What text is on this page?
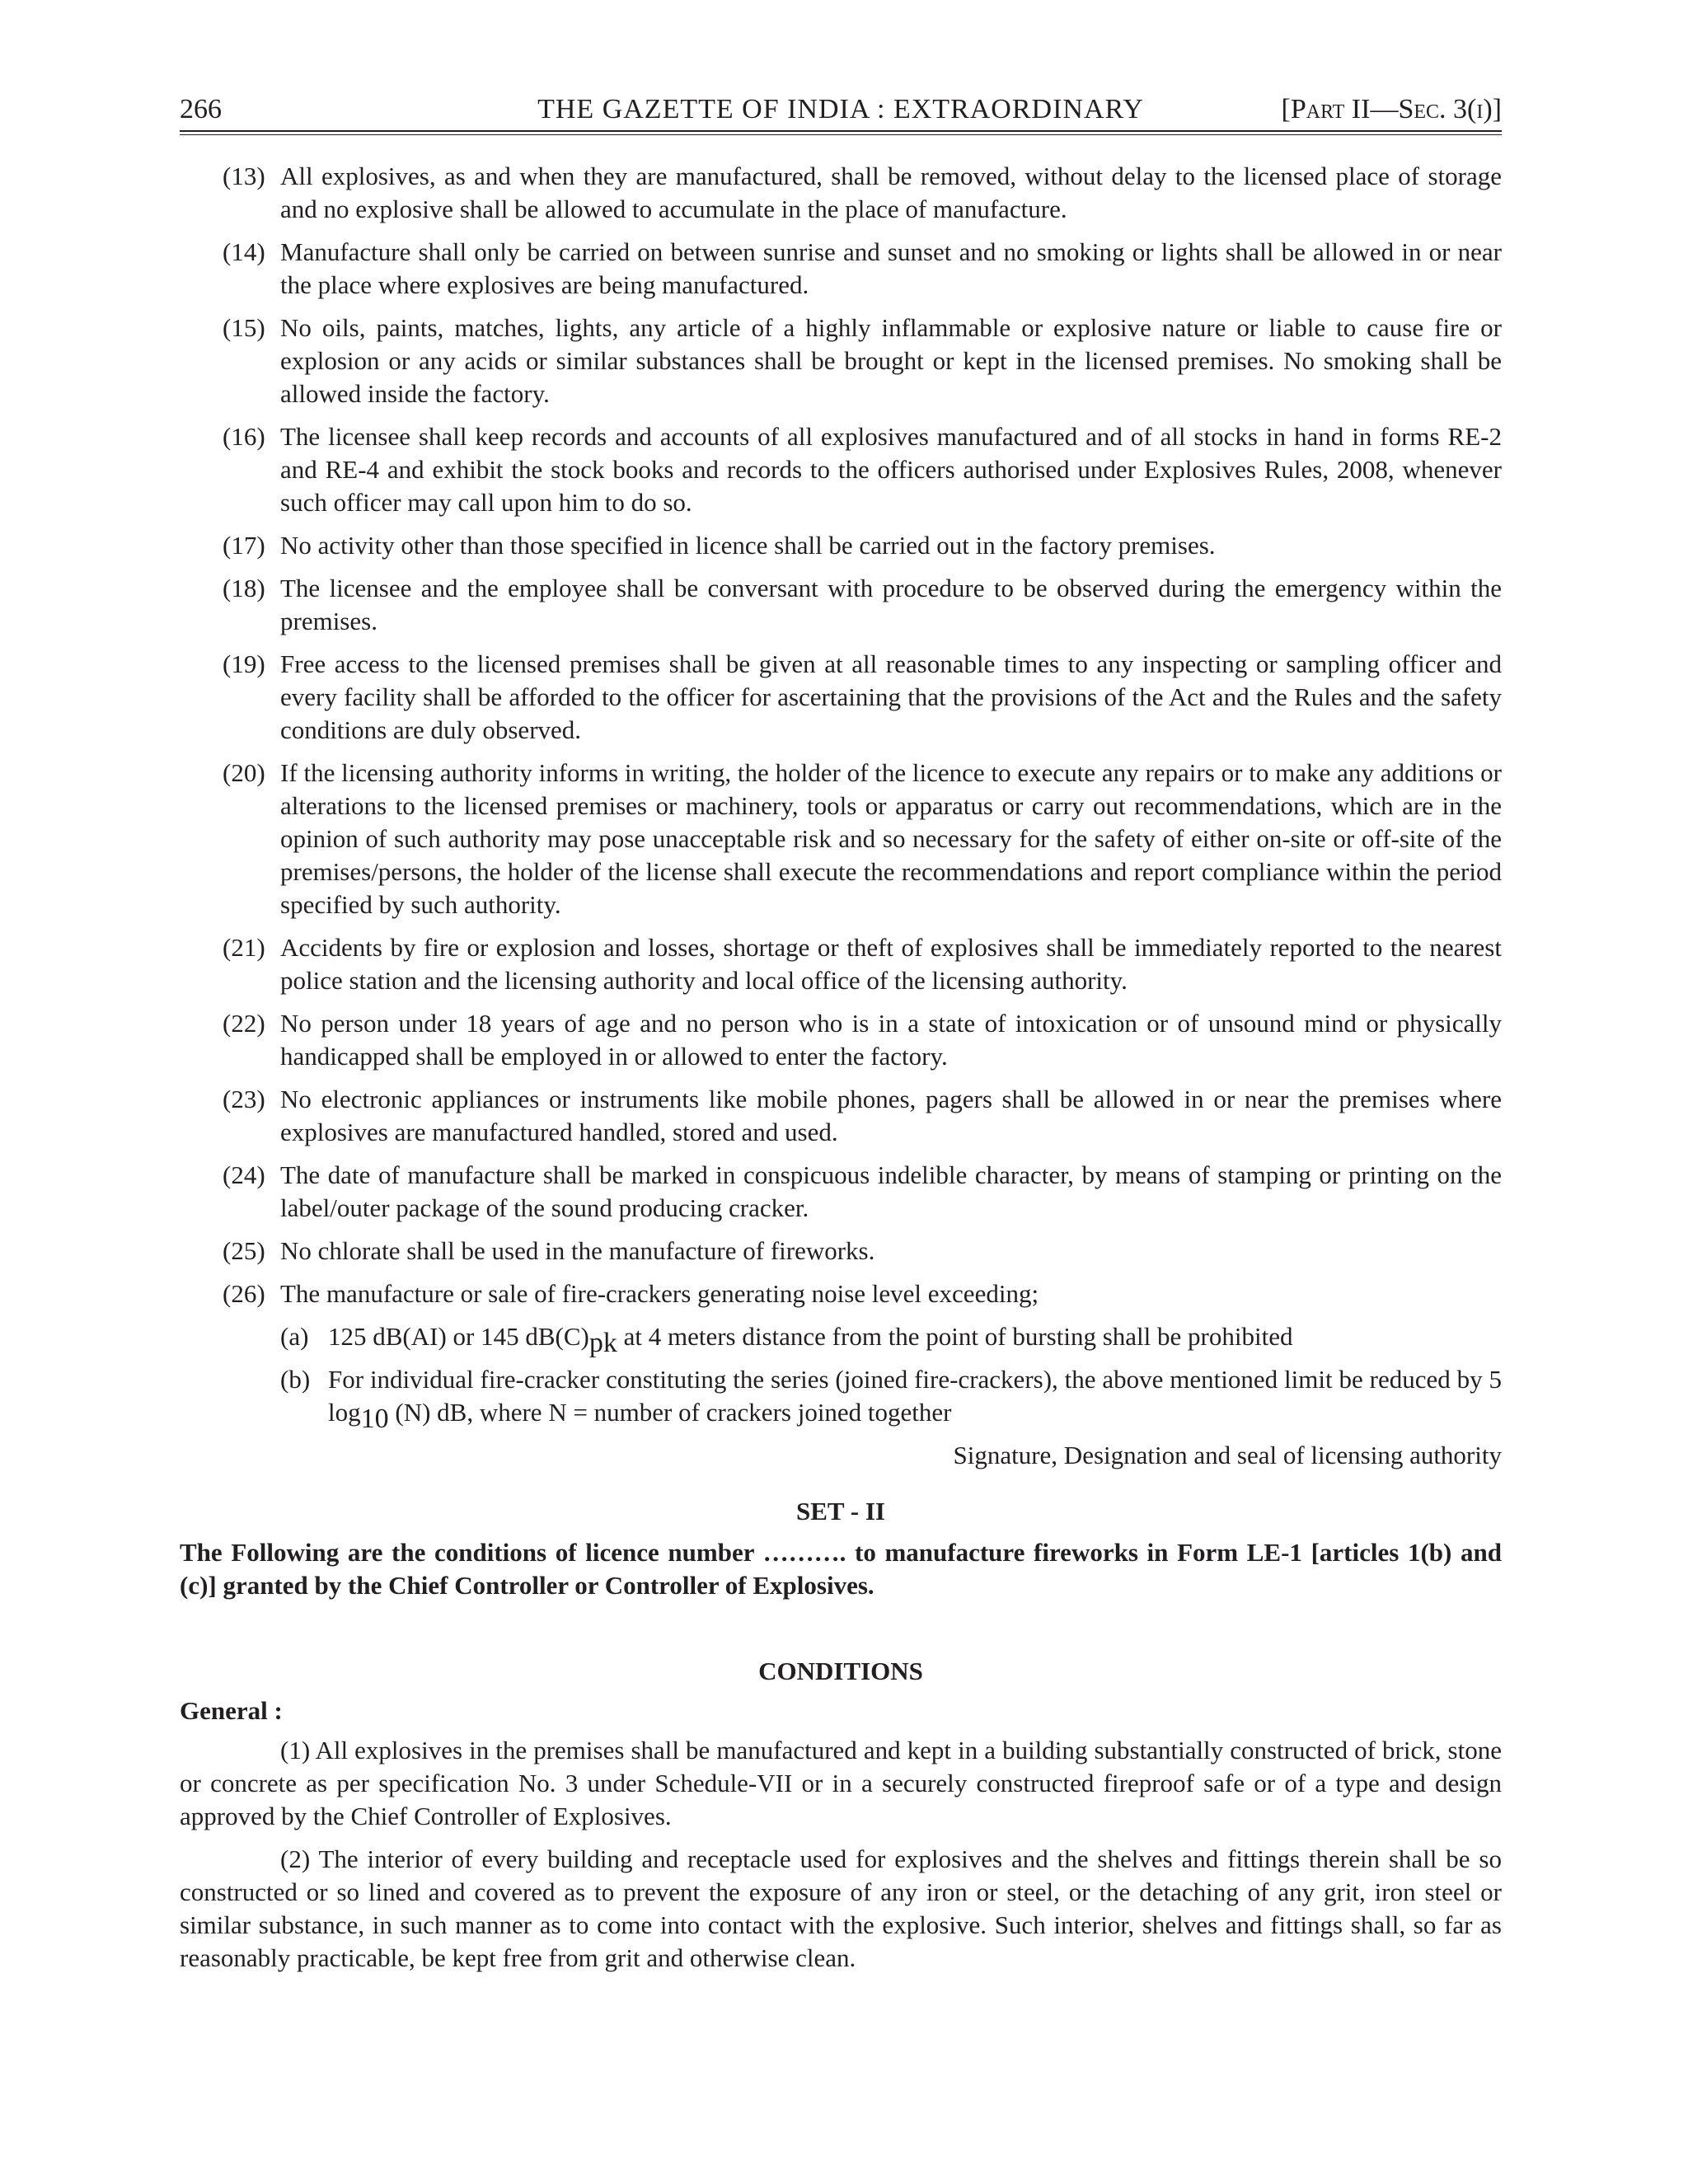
266	THE GAZETTE OF INDIA : EXTRAORDINARY	[Part II—Sec. 3(i)]
(13) All explosives, as and when they are manufactured, shall be removed, without delay to the licensed place of storage and no explosive shall be allowed to accumulate in the place of manufacture.
(14) Manufacture shall only be carried on between sunrise and sunset and no smoking or lights shall be allowed in or near the place where explosives are being manufactured.
(15) No oils, paints, matches, lights, any article of a highly inflammable or explosive nature or liable to cause fire or explosion or any acids or similar substances shall be brought or kept in the licensed premises. No smoking shall be allowed inside the factory.
(16) The licensee shall keep records and accounts of all explosives manufactured and of all stocks in hand in forms RE-2 and RE-4 and exhibit the stock books and records to the officers authorised under Explosives Rules, 2008, whenever such officer may call upon him to do so.
(17) No activity other than those specified in licence shall be carried out in the factory premises.
(18) The licensee and the employee shall be conversant with procedure to be observed during the emergency within the premises.
(19) Free access to the licensed premises shall be given at all reasonable times to any inspecting or sampling officer and every facility shall be afforded to the officer for ascertaining that the provisions of the Act and the Rules and the safety conditions are duly observed.
(20) If the licensing authority informs in writing, the holder of the licence to execute any repairs or to make any additions or alterations to the licensed premises or machinery, tools or apparatus or carry out recommendations, which are in the opinion of such authority may pose unacceptable risk and so necessary for the safety of either on-site or off-site of the premises/persons, the holder of the license shall execute the recommendations and report compliance within the period specified by such authority.
(21) Accidents by fire or explosion and losses, shortage or theft of explosives shall be immediately reported to the nearest police station and the licensing authority and local office of the licensing authority.
(22) No person under 18 years of age and no person who is in a state of intoxication or of unsound mind or physically handicapped shall be employed in or allowed to enter the factory.
(23) No electronic appliances or instruments like mobile phones, pagers shall be allowed in or near the premises where explosives are manufactured handled, stored and used.
(24) The date of manufacture shall be marked in conspicuous indelible character, by means of stamping or printing on the label/outer package of the sound producing cracker.
(25) No chlorate shall be used in the manufacture of fireworks.
(26) The manufacture or sale of fire-crackers generating noise level exceeding;
(a) 125 dB(AI) or 145 $dB(C)_{pk}$ at 4 meters distance from the point of bursting shall be prohibited
(b) For individual fire-cracker constituting the series (joined fire-crackers), the above mentioned limit be reduced by 5 $\log_{10} (N)$ dB, where N = number of crackers joined together
Signature, Designation and seal of licensing authority
SET - II
The Following are the conditions of licence number ………. to manufacture fireworks in Form LE-1 [articles 1(b) and (c)] granted by the Chief Controller or Controller of Explosives.
CONDITIONS
General :
(1) All explosives in the premises shall be manufactured and kept in a building substantially constructed of brick, stone or concrete as per specification No. 3 under Schedule-VII or in a securely constructed fireproof safe or of a type and design approved by the Chief Controller of Explosives.
(2) The interior of every building and receptacle used for explosives and the shelves and fittings therein shall be so constructed or so lined and covered as to prevent the exposure of any iron or steel, or the detaching of any grit, iron steel or similar substance, in such manner as to come into contact with the explosive. Such interior, shelves and fittings shall, so far as reasonably practicable, be kept free from grit and otherwise clean.
